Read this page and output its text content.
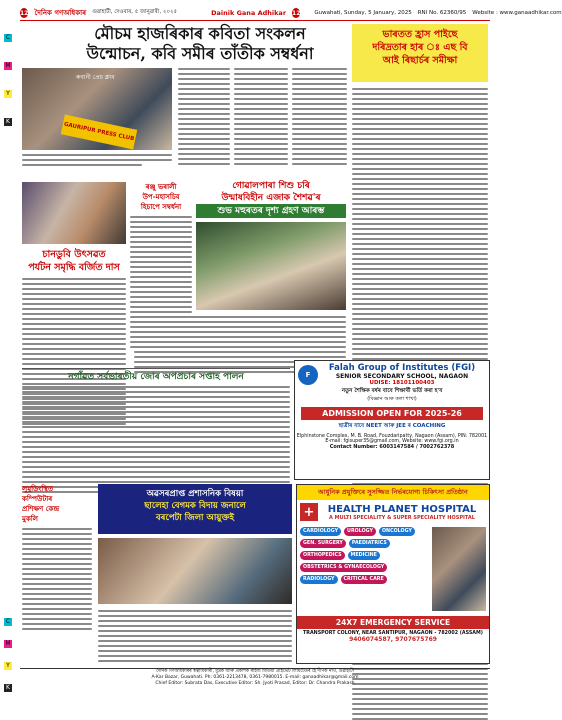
C
M
Y
K
C
M
Y
K
12 দৈনিক গণঅধিকাৰ গুৱাহাটী, দেওবাৰ, ৫ জানুৱাৰী, ২০২৫	Dainik Gana Adhikar 12	Guwahati, Sunday, 5 January, 2025 RNI No. 62360/95 Website : www.ganaadhikar.com
মৌচম হাজৰিকাৰ কবিতা সংকলন
উন্মোচন, কবি সমীৰ তাঁতীক সম্বৰ্ধনা
ভাৰতত হ্ৰাস পাইছে
দৰিদ্ৰতাৰ হাৰ ঃ এছ বি
আই ৰিছাৰ্চৰ সমীক্ষা
ৰুবানী প্ৰেচ ক্লাব
GAURIPUR PRESS CLUB
ৰঞ্জু ভৰালী
উপ-মহাসচিব
হিচাপে সম্বৰ্ধনা
চানডুবি উৎসৱত
পৰ্যটন সমৃদ্ধি বৰ্জিত দাস
গোৱালপাৰা শিশু চৰি
উন্মাষবিহীন এজাক শৈশৱ'ৰ
শুভ মহুৰতৰ দৃশ্য গ্ৰহণ আৰম্ভ
নগাঁৱত সৰ্বভাৰতীয় জোৰ অপপ্ৰচাৰ সপ্তাহ পালন	F
Falah Group of Institutes (FGI)
SENIOR SECONDARY SCHOOL, NAGAON
UDISE: 18101100403
নতুন শৈক্ষিক বৰ্ষৰ বাবে শিক্ষাৰ্থী ভৰ্তি কৰা হ'ব
(বিজ্ঞান আৰু কলা শাখা)
ADMISSION OPEN FOR 2025-26
ছাত্ৰীৰ বাবে NEET আৰু JEE ৰ COACHING
Elphinstone Complex, M. B. Road, Fouzdaripatty, Nagaon (Assam), PIN: 782001
E-mail: fgisuper35@gmail.com, Website: www.fgi.org.in
Contact Number: 6003147584 / 7002762378
লুমুডিংস্থিত
কম্পিউটাৰ
প্ৰশিক্ষণ কেন্দ্ৰ
মুকলি
অৱসৰপ্ৰাপ্ত প্ৰশাসনিক বিষয়া
ছালেহা বেগমক বিদায় জনালে
বৰপেটা জিলা আয়ুক্তই
আধুনিক প্ৰযুক্তিৰে সুসজ্জিত নিৰ্ভৰযোগ্য চিকিৎসা প্ৰতিষ্ঠান
+	HEALTH PLANET HOSPITAL
A MULTI SPECIALITY & SUPER SPECIALITY HOSPITAL
CARDIOLOGY	UROLOGY	ONCOLOGY
GEN. SURGERY	PAEDIATRICS
ORTHOPEDICS	MEDICINE
OBSTETRICS & GYNAECOLOGY
RADIOLOGY	CRITICAL CARE
24X7 EMERGENCY SERVICE
TRANSPORT COLONY, NEAR SANTIPUR, NAGAON - 782002 (ASSAM)
9406074587, 9707675769
দৈনিক গণঅধিকাৰৰ স্বত্বাধিকাৰী, মুদ্ৰক আৰু প্ৰকাশক ৰাইজ মিডিয়া প্ৰাইভেট লিমিটেডৰ হৈ দীপক নাথ, গুৱাহাটী
A-Kar Bazar, Guwahati. Ph: 0361-2213478, 0361-7980015. E-mail: ganaadhikar@gmail.com
Chief Editor: Subrata Das, Executive Editor: Sh. Jyoti Prasad, Editor: Dr. Chandra Prakash
